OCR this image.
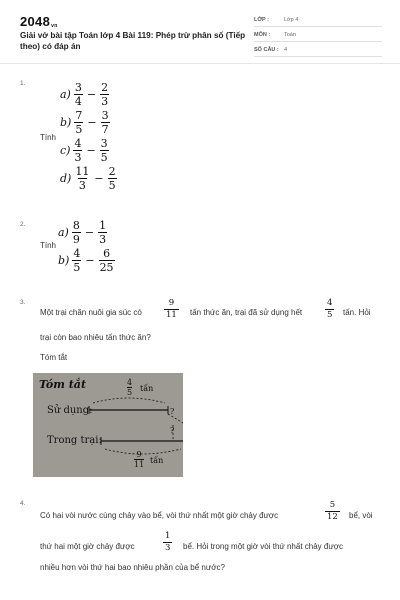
2048vn
Giải vở bài tập Toán lớp 4 Bài 119: Phép trừ phân số (Tiếp theo) có đáp án
LỚP :	Lớp 4
MÔN :	Toán
SỐ CÂU : 4
1.
Tính
$a) \frac{3}{4} - \frac{2}{3}$
$b) \frac{7}{5} - \frac{3}{7}$
$c) \frac{4}{3} - \frac{3}{5}$
$d) \frac{11}{3} - \frac{2}{5}$
2.
Tính
$a) \frac{8}{9} - \frac{1}{3}$
$b) \frac{4}{5} - \frac{6}{25}$
3.
Một trại chăn nuôi gia súc có	$\frac{9}{11}$ tấn thức ăn, trại đã sử dụng hết	$\frac{4}{5}$ tấn. Hỏi
trại còn bao nhiêu tấn thức ăn?
Tóm tắt
Tóm tắt
Sử dụng:
Trong trại:
$\frac{4}{5}$ tấn
?
?
$\frac{9}{11}$ tấn
4.
Có hai vòi nước cùng chảy vào bể, vòi thứ nhất một giờ chảy được	$\frac{5}{12}$ bể, vòi
thứ hai một giờ chảy được	$\frac{1}{3}$ bể. Hỏi trong một giờ vòi thứ nhất chảy được
nhiều hơn vòi thứ hai bao nhiêu phần của bể nước?
